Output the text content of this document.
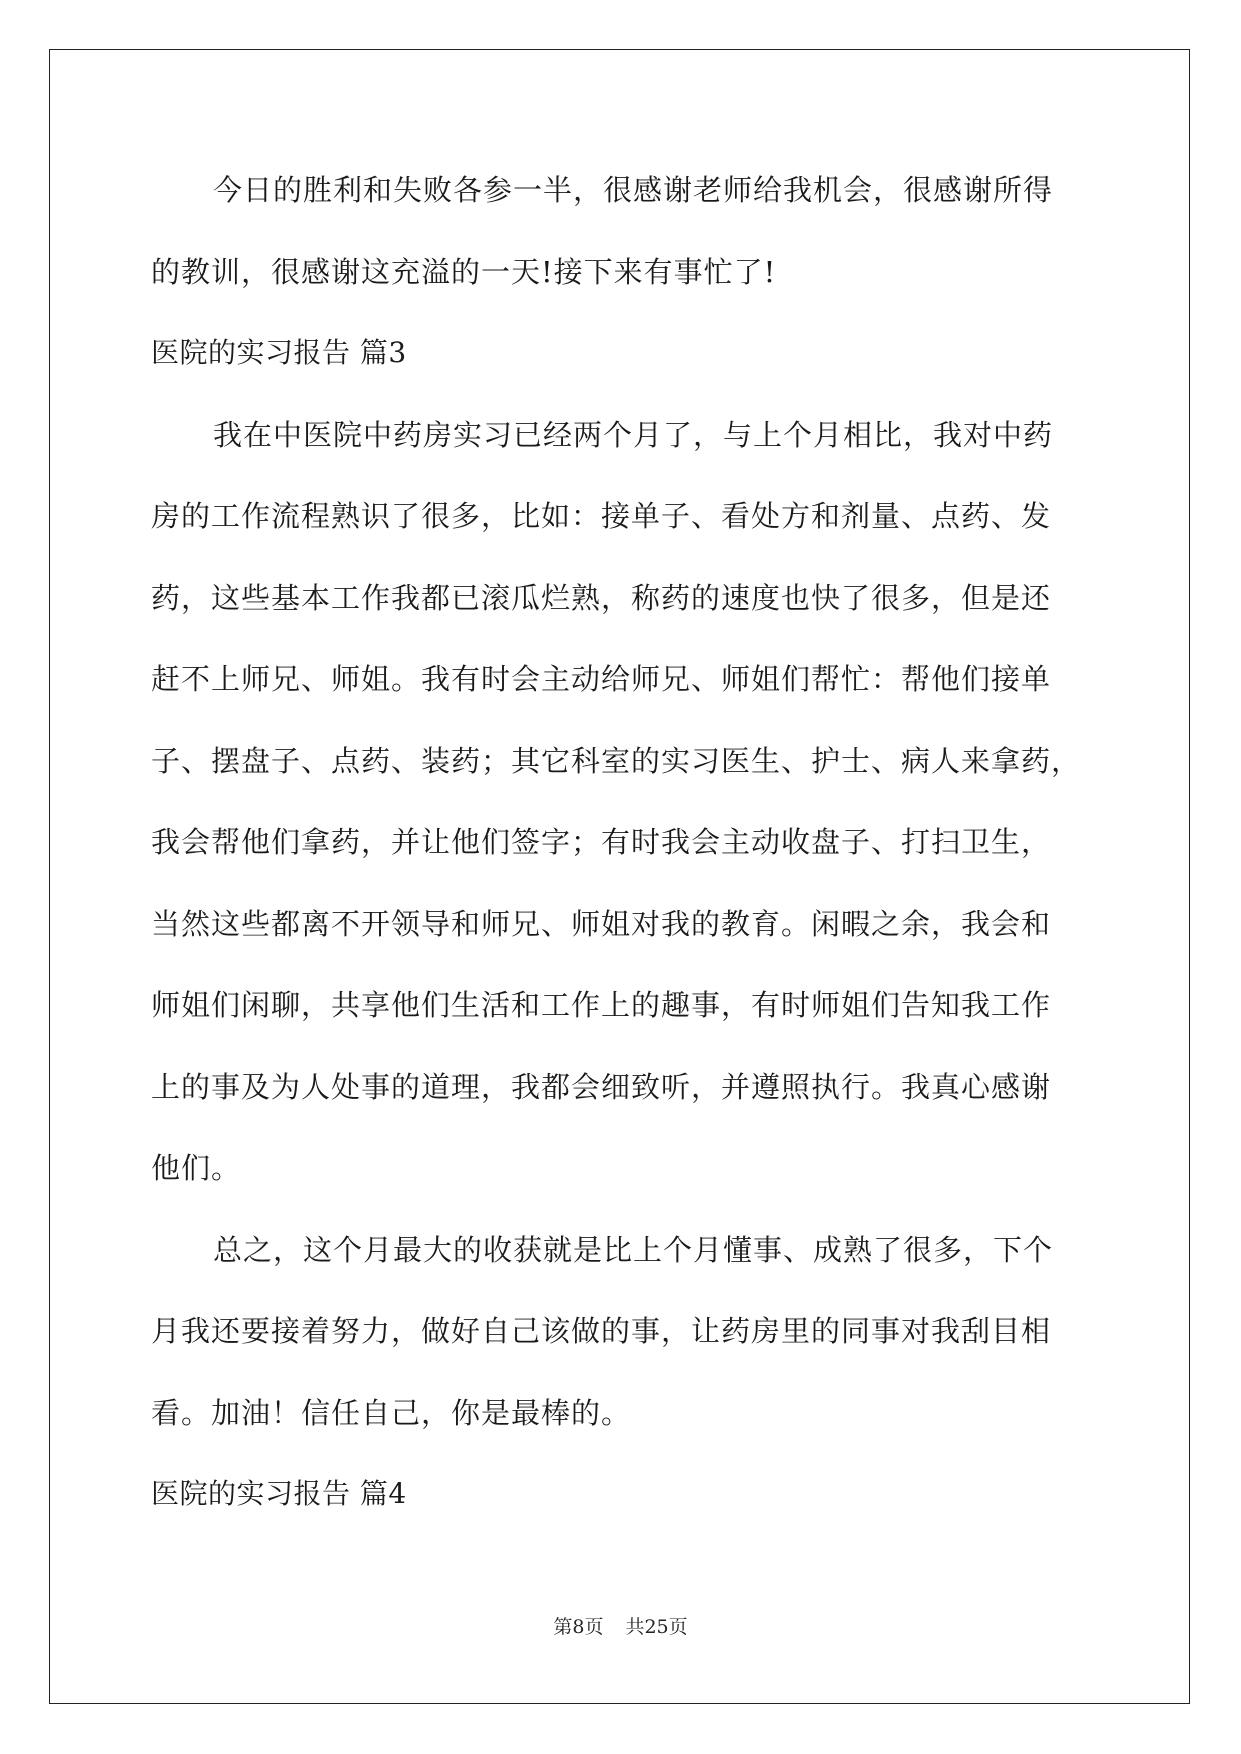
今日的胜利和失败各参一半，很感谢老师给我机会，很感谢所得
的教训，很感谢这充溢的一天!接下来有事忙了!
医院的实习报告 篇3
我在中医院中药房实习已经两个月了，与上个月相比，我对中药
房的工作流程熟识了很多，比如：接单子、看处方和剂量、点药、发
药，这些基本工作我都已滚瓜烂熟，称药的速度也快了很多，但是还
赶不上师兄、师姐。我有时会主动给师兄、师姐们帮忙：帮他们接单
子、摆盘子、点药、装药；其它科室的实习医生、护士、病人来拿药，
我会帮他们拿药，并让他们签字；有时我会主动收盘子、打扫卫生，
当然这些都离不开领导和师兄、师姐对我的教育。闲暇之余，我会和
师姐们闲聊，共享他们生活和工作上的趣事，有时师姐们告知我工作
上的事及为人处事的道理，我都会细致听，并遵照执行。我真心感谢
他们。
总之，这个月最大的收获就是比上个月懂事、成熟了很多，下个
月我还要接着努力，做好自己该做的事，让药房里的同事对我刮目相
看。加油！信任自己，你是最棒的。
医院的实习报告 篇4
第8页 共25页
